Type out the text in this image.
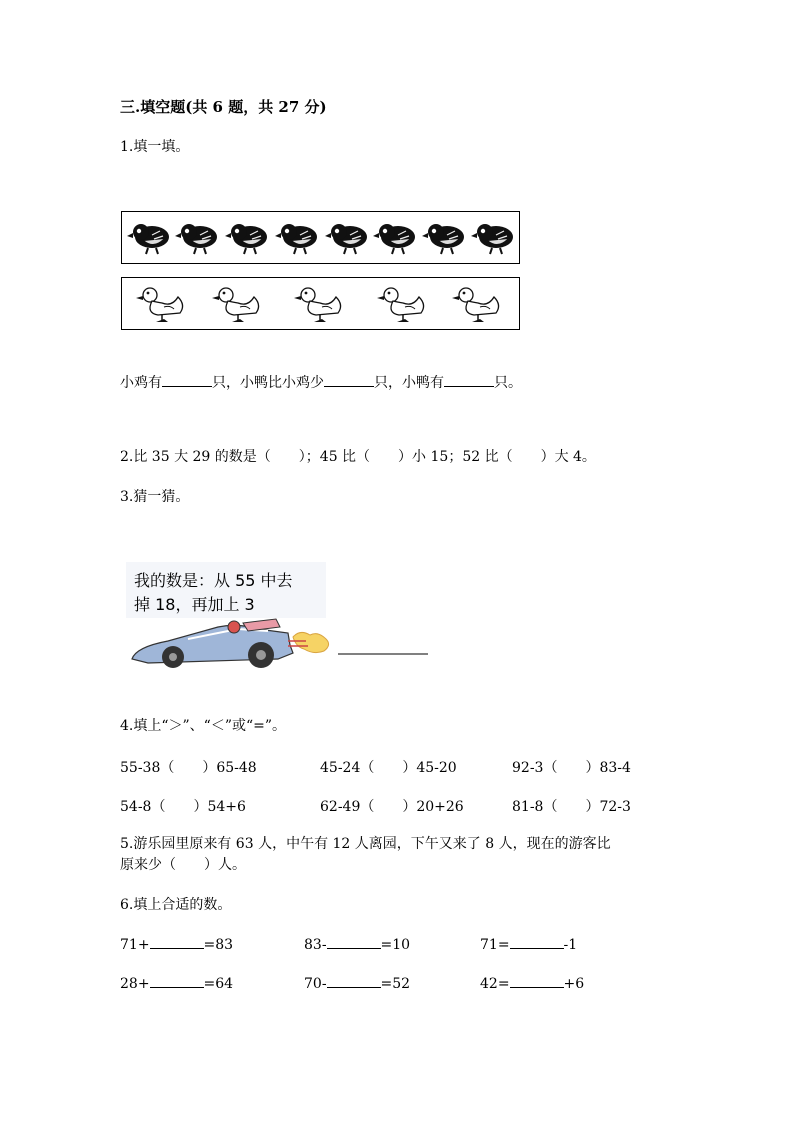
三.填空题(共 6 题，共 27 分)
1.填一填。
小鸡有	只，小鸭比小鸡少	只，小鸭有	只。
2.比 35 大 29 的数是（　　）；45 比（　　）小 15；52 比（　　）大 4。
3.猜一猜。
我的数是：从 55 中去
掉 18，再加上 3
4.填上“＞”、“＜”或“=”。
55-38（　　）65-48	45-24（　　）45-20	92-3（　　）83-4
54-8（　　）54+6	62-49（　　）20+26	81-8（　　）72-3
5.游乐园里原来有 63 人，中午有 12 人离园，下午又来了 8 人，现在的游客比
原来少（　　）人。
6.填上合适的数。
71+	=83	83-	=10	71=	-1
28+	=64	70-	=52	42=	+6
